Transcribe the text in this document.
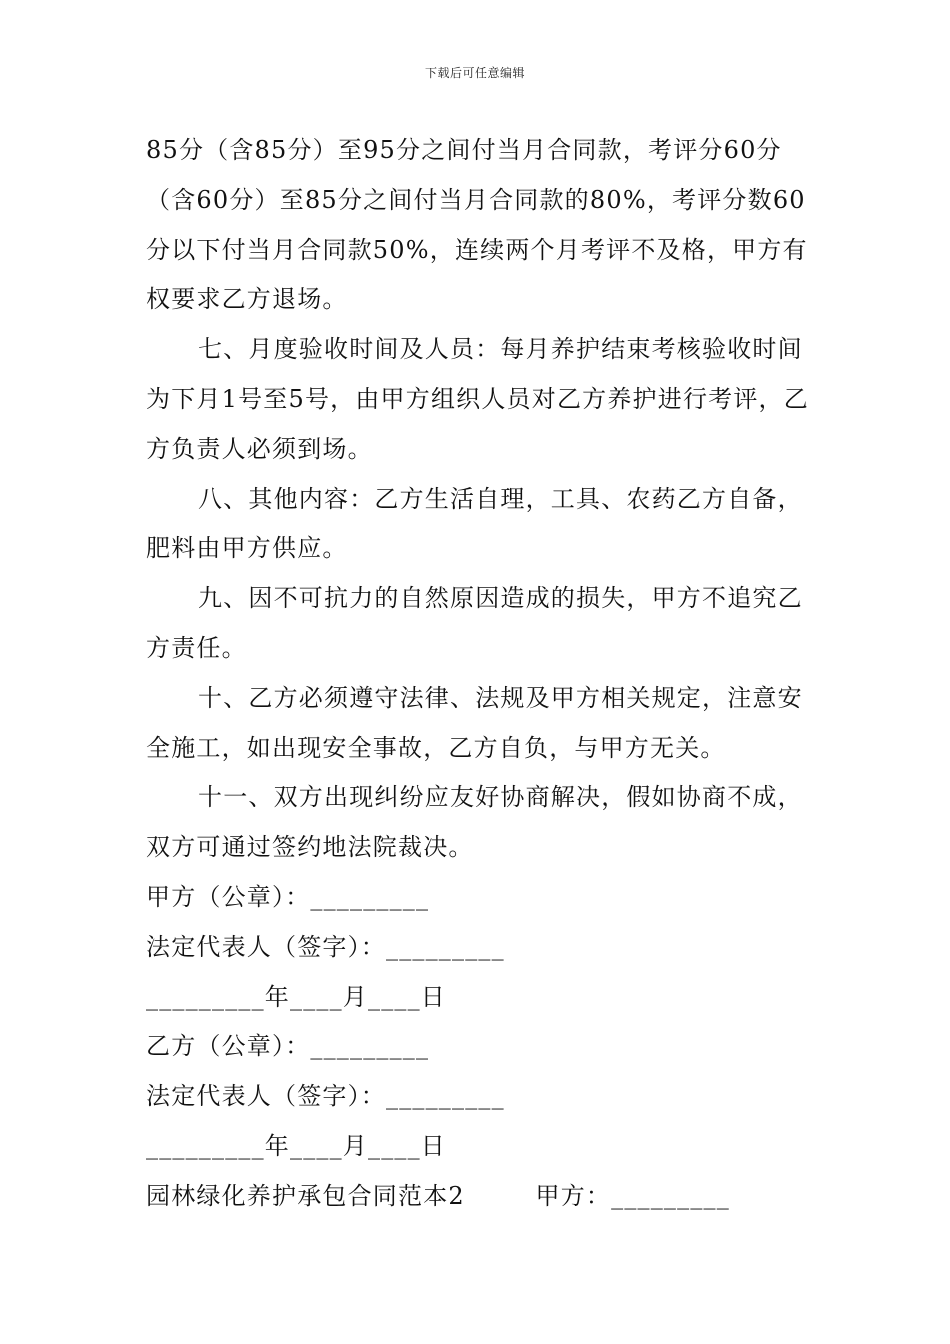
下载后可任意编辑

85分（含85分）至95分之间付当月合同款，考评分60分（含60分）至85分之间付当月合同款的80%，考评分数60分以下付当月合同款50%，连续两个月考评不及格，甲方有权要求乙方退场。

七、月度验收时间及人员：每月养护结束考核验收时间为下月1号至5号，由甲方组织人员对乙方养护进行考评，乙方负责人必须到场。

八、其他内容：乙方生活自理，工具、农药乙方自备，肥料由甲方供应。

九、因不可抗力的自然原因造成的损失，甲方不追究乙方责任。

十、乙方必须遵守法律、法规及甲方相关规定，注意安全施工，如出现安全事故，乙方自负，与甲方无关。

十一、双方出现纠纷应友好协商解决，假如协商不成，双方可通过签约地法院裁决。

甲方（公章）：_________

法定代表人（签字）：_________

_________年____月____日

乙方（公章）：_________

法定代表人（签字）：_________

_________年____月____日

园林绿化养护承包合同范本2	甲方：_________
